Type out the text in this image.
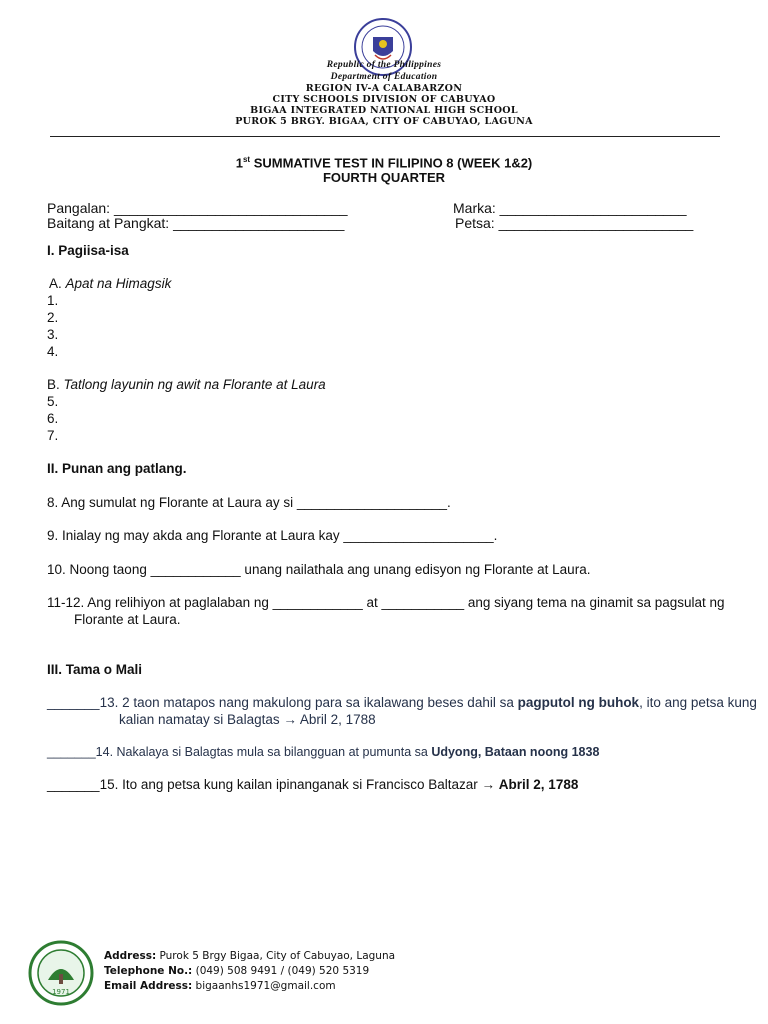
Republic of the Philippines
Department of Education
REGION IV-A CALABARZON
CITY SCHOOLS DIVISION OF CABUYAO
BIGAA INTEGRATED NATIONAL HIGH SCHOOL
PUROK 5 BRGY. BIGAA, CITY OF CABUYAO, LAGUNA
1st SUMMATIVE TEST IN FILIPINO 8 (WEEK 1&2)
FOURTH QUARTER
Pangalan: ______________________________
Baitang at Pangkat: ______________________
Marka: ________________________
Petsa: _________________________
I. Pagiisa-isa
A. Apat na Himagsik
1.
2.
3.
4.
B. Tatlong layunin ng awit na Florante at Laura
5.
6.
7.
II. Punan ang patlang.
8. Ang sumulat ng Florante at Laura ay si ____________________.
9. Inialay ng may akda ang Florante at Laura kay ____________________.
10. Noong taong ____________ unang nailathala ang unang edisyon ng Florante at Laura.
11-12. Ang relihiyon at paglalaban ng ____________ at ___________ ang siyang tema na ginamit sa pagsulat ng
Florante at Laura.
III. Tama o Mali
_______13. 2 taon matapos nang makulong para sa ikalawang beses dahil sa pagputol ng buhok, ito ang petsa kung
kalian namatay si Balagtas → Abril 2, 1788
_______14. Nakalaya si Balagtas mula sa bilangguan at pumunta sa Udyong, Bataan noong 1838
_______15. Ito ang petsa kung kailan ipinanganak si Francisco Baltazar → Abril 2, 1788
1971
Address: Purok 5 Brgy Bigaa, City of Cabuyao, Laguna
Telephone No.: (049) 508 9491 / (049) 520 5319
Email Address: bigaanhs1971@gmail.com
